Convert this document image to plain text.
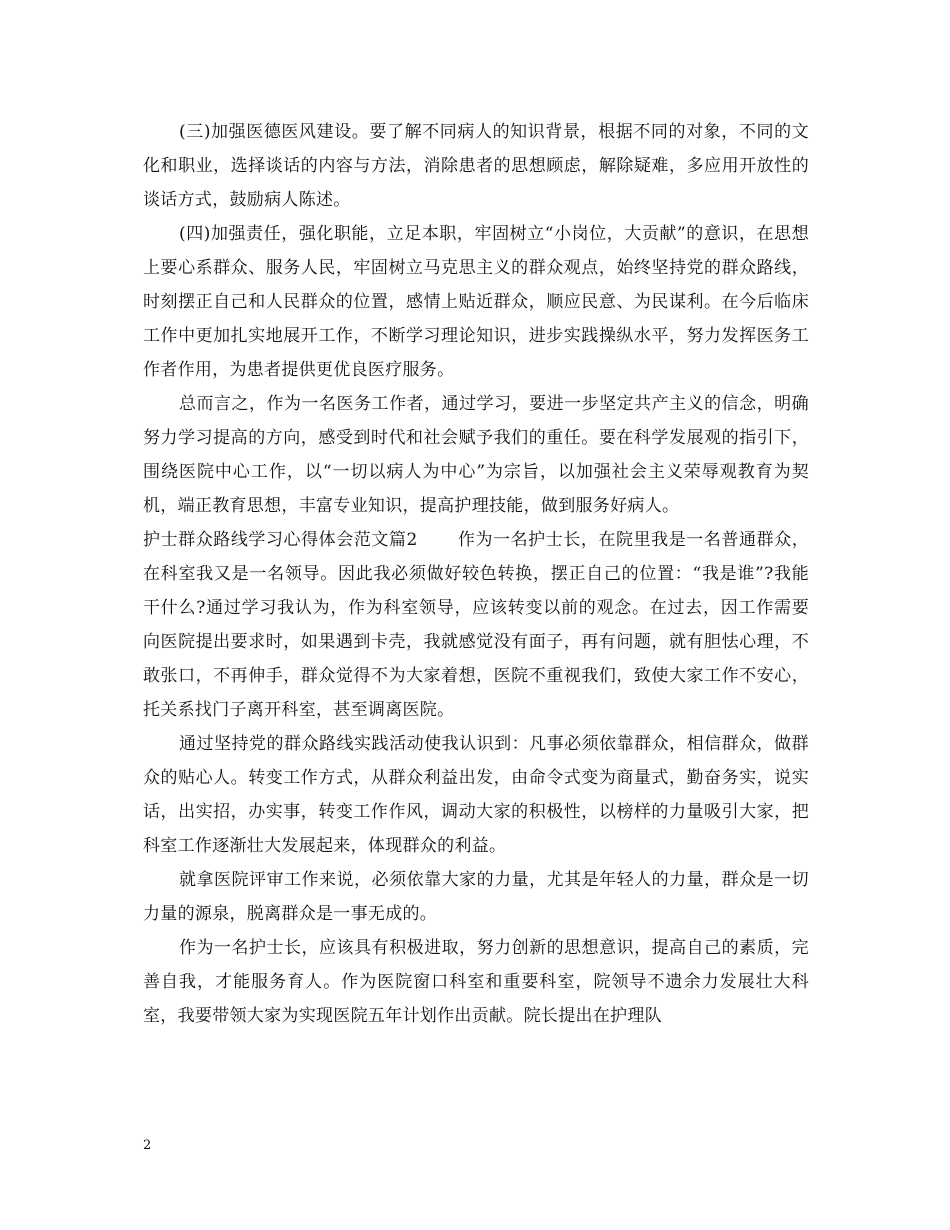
(三)加强医德医风建设。要了解不同病人的知识背景，根据不同的对象，不同的文化和职业，选择谈话的内容与方法，消除患者的思想顾虑，解除疑难，多应用开放性的谈话方式，鼓励病人陈述。

(四)加强责任，强化职能，立足本职，牢固树立“小岗位，大贡献”的意识，在思想上要心系群众、服务人民，牢固树立马克思主义的群众观点，始终坚持党的群众路线，时刻摆正自己和人民群众的位置，感情上贴近群众，顺应民意、为民谋利。在今后临床工作中更加扎实地展开工作，不断学习理论知识，进步实践操纵水平，努力发挥医务工作者作用，为患者提供更优良医疗服务。

总而言之，作为一名医务工作者，通过学习，要进一步坚定共产主义的信念，明确努力学习提高的方向，感受到时代和社会赋予我们的重任。要在科学发展观的指引下，围绕医院中心工作，以“一切以病人为中心”为宗旨，以加强社会主义荣辱观教育为契机，端正教育思想，丰富专业知识，提高护理技能，做到服务好病人。

护士群众路线学习心得体会范文篇2 作为一名护士长，在院里我是一名普通群众，在科室我又是一名领导。因此我必须做好较色转换，摆正自己的位置：“我是谁”?我能干什么?通过学习我认为，作为科室领导，应该转变以前的观念。在过去，因工作需要向医院提出要求时，如果遇到卡壳，我就感觉没有面子，再有问题，就有胆怯心理，不敢张口，不再伸手，群众觉得不为大家着想，医院不重视我们，致使大家工作不安心，托关系找门子离开科室，甚至调离医院。

通过坚持党的群众路线实践活动使我认识到：凡事必须依靠群众，相信群众，做群众的贴心人。转变工作方式，从群众利益出发，由命令式变为商量式，勤奋务实，说实话，出实招，办实事，转变工作作风，调动大家的积极性，以榜样的力量吸引大家，把科室工作逐渐壮大发展起来，体现群众的利益。

就拿医院评审工作来说，必须依靠大家的力量，尤其是年轻人的力量，群众是一切力量的源泉，脱离群众是一事无成的。

作为一名护士长，应该具有积极进取，努力创新的思想意识，提高自己的素质，完善自我，才能服务育人。作为医院窗口科室和重要科室，院领导不遗余力发展壮大科室，我要带领大家为实现医院五年计划作出贡献。院长提出在护理队

2
